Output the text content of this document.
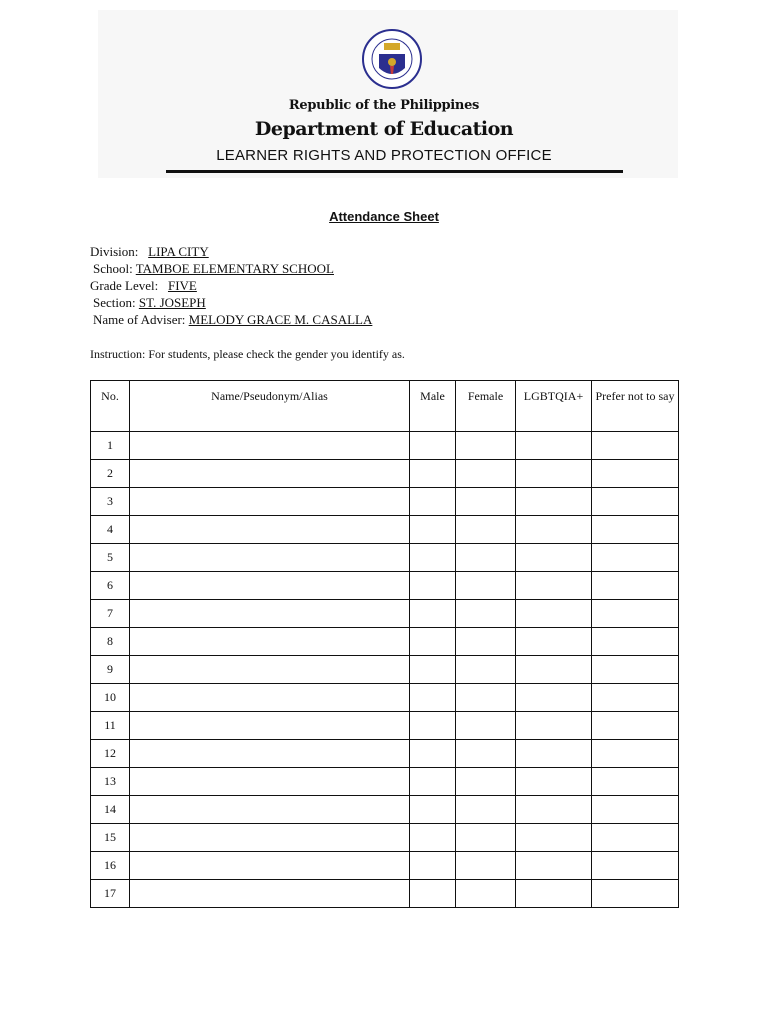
Republic of the Philippines
Department of Education
LEARNER RIGHTS AND PROTECTION OFFICE
Attendance Sheet
Division: LIPA CITY
School: TAMBOE ELEMENTARY SCHOOL
Grade Level: FIVE
Section: ST. JOSEPH
Name of Adviser: MELODY GRACE M. CASALLA
Instruction: For students, please check the gender you identify as.
No.	Name/Pseudonym/Alias	Male	Female	LGBTQIA+	Prefer not to say
1					
2					
3					
4					
5					
6					
7					
8					
9					
10					
11					
12					
13					
14					
15					
16					
17					
